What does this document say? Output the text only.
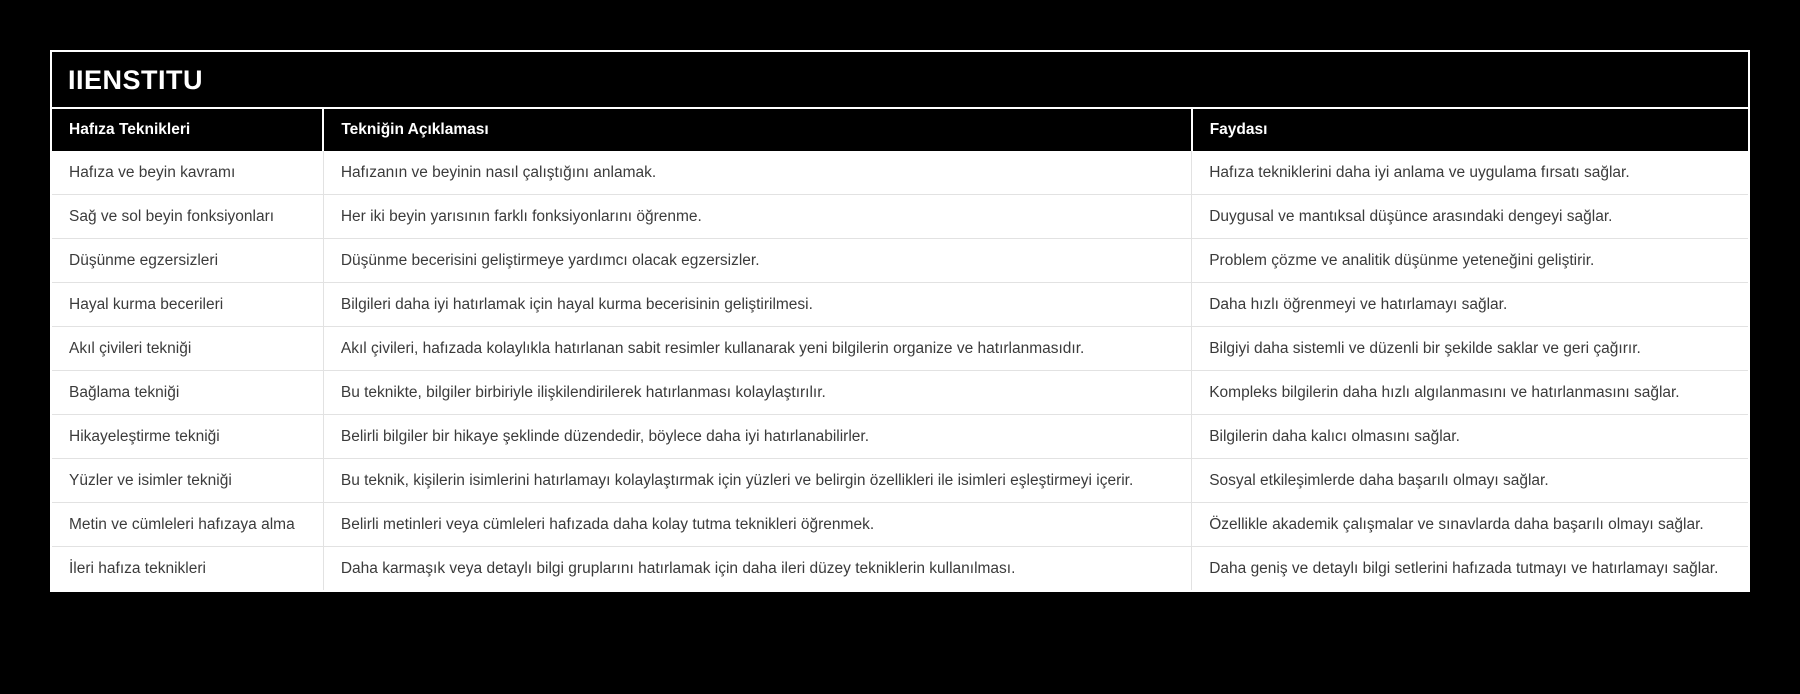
IIENSTITU
Hafıza Teknikleri	Tekniğin Açıklaması	Faydası
Hafıza ve beyin kavramı	Hafızanın ve beyinin nasıl çalıştığını anlamak.	Hafıza tekniklerini daha iyi anlama ve uygulama fırsatı sağlar.
Sağ ve sol beyin fonksiyonları	Her iki beyin yarısının farklı fonksiyonlarını öğrenme.	Duygusal ve mantıksal düşünce arasındaki dengeyi sağlar.
Düşünme egzersizleri	Düşünme becerisini geliştirmeye yardımcı olacak egzersizler.	Problem çözme ve analitik düşünme yeteneğini geliştirir.
Hayal kurma becerileri	Bilgileri daha iyi hatırlamak için hayal kurma becerisinin geliştirilmesi.	Daha hızlı öğrenmeyi ve hatırlamayı sağlar.
Akıl çivileri tekniği	Akıl çivileri, hafızada kolaylıkla hatırlanan sabit resimler kullanarak yeni bilgilerin organize ve hatırlanmasıdır.	Bilgiyi daha sistemli ve düzenli bir şekilde saklar ve geri çağırır.
Bağlama tekniği	Bu teknikte, bilgiler birbiriyle ilişkilendirilerek hatırlanması kolaylaştırılır.	Kompleks bilgilerin daha hızlı algılanmasını ve hatırlanmasını sağlar.
Hikayeleştirme tekniği	Belirli bilgiler bir hikaye şeklinde düzendedir, böylece daha iyi hatırlanabilirler.	Bilgilerin daha kalıcı olmasını sağlar.
Yüzler ve isimler tekniği	Bu teknik, kişilerin isimlerini hatırlamayı kolaylaştırmak için yüzleri ve belirgin özellikleri ile isimleri eşleştirmeyi içerir.	Sosyal etkileşimlerde daha başarılı olmayı sağlar.
Metin ve cümleleri hafızaya alma	Belirli metinleri veya cümleleri hafızada daha kolay tutma teknikleri öğrenmek.	Özellikle akademik çalışmalar ve sınavlarda daha başarılı olmayı sağlar.
İleri hafıza teknikleri	Daha karmaşık veya detaylı bilgi gruplarını hatırlamak için daha ileri düzey tekniklerin kullanılması.	Daha geniş ve detaylı bilgi setlerini hafızada tutmayı ve hatırlamayı sağlar.
